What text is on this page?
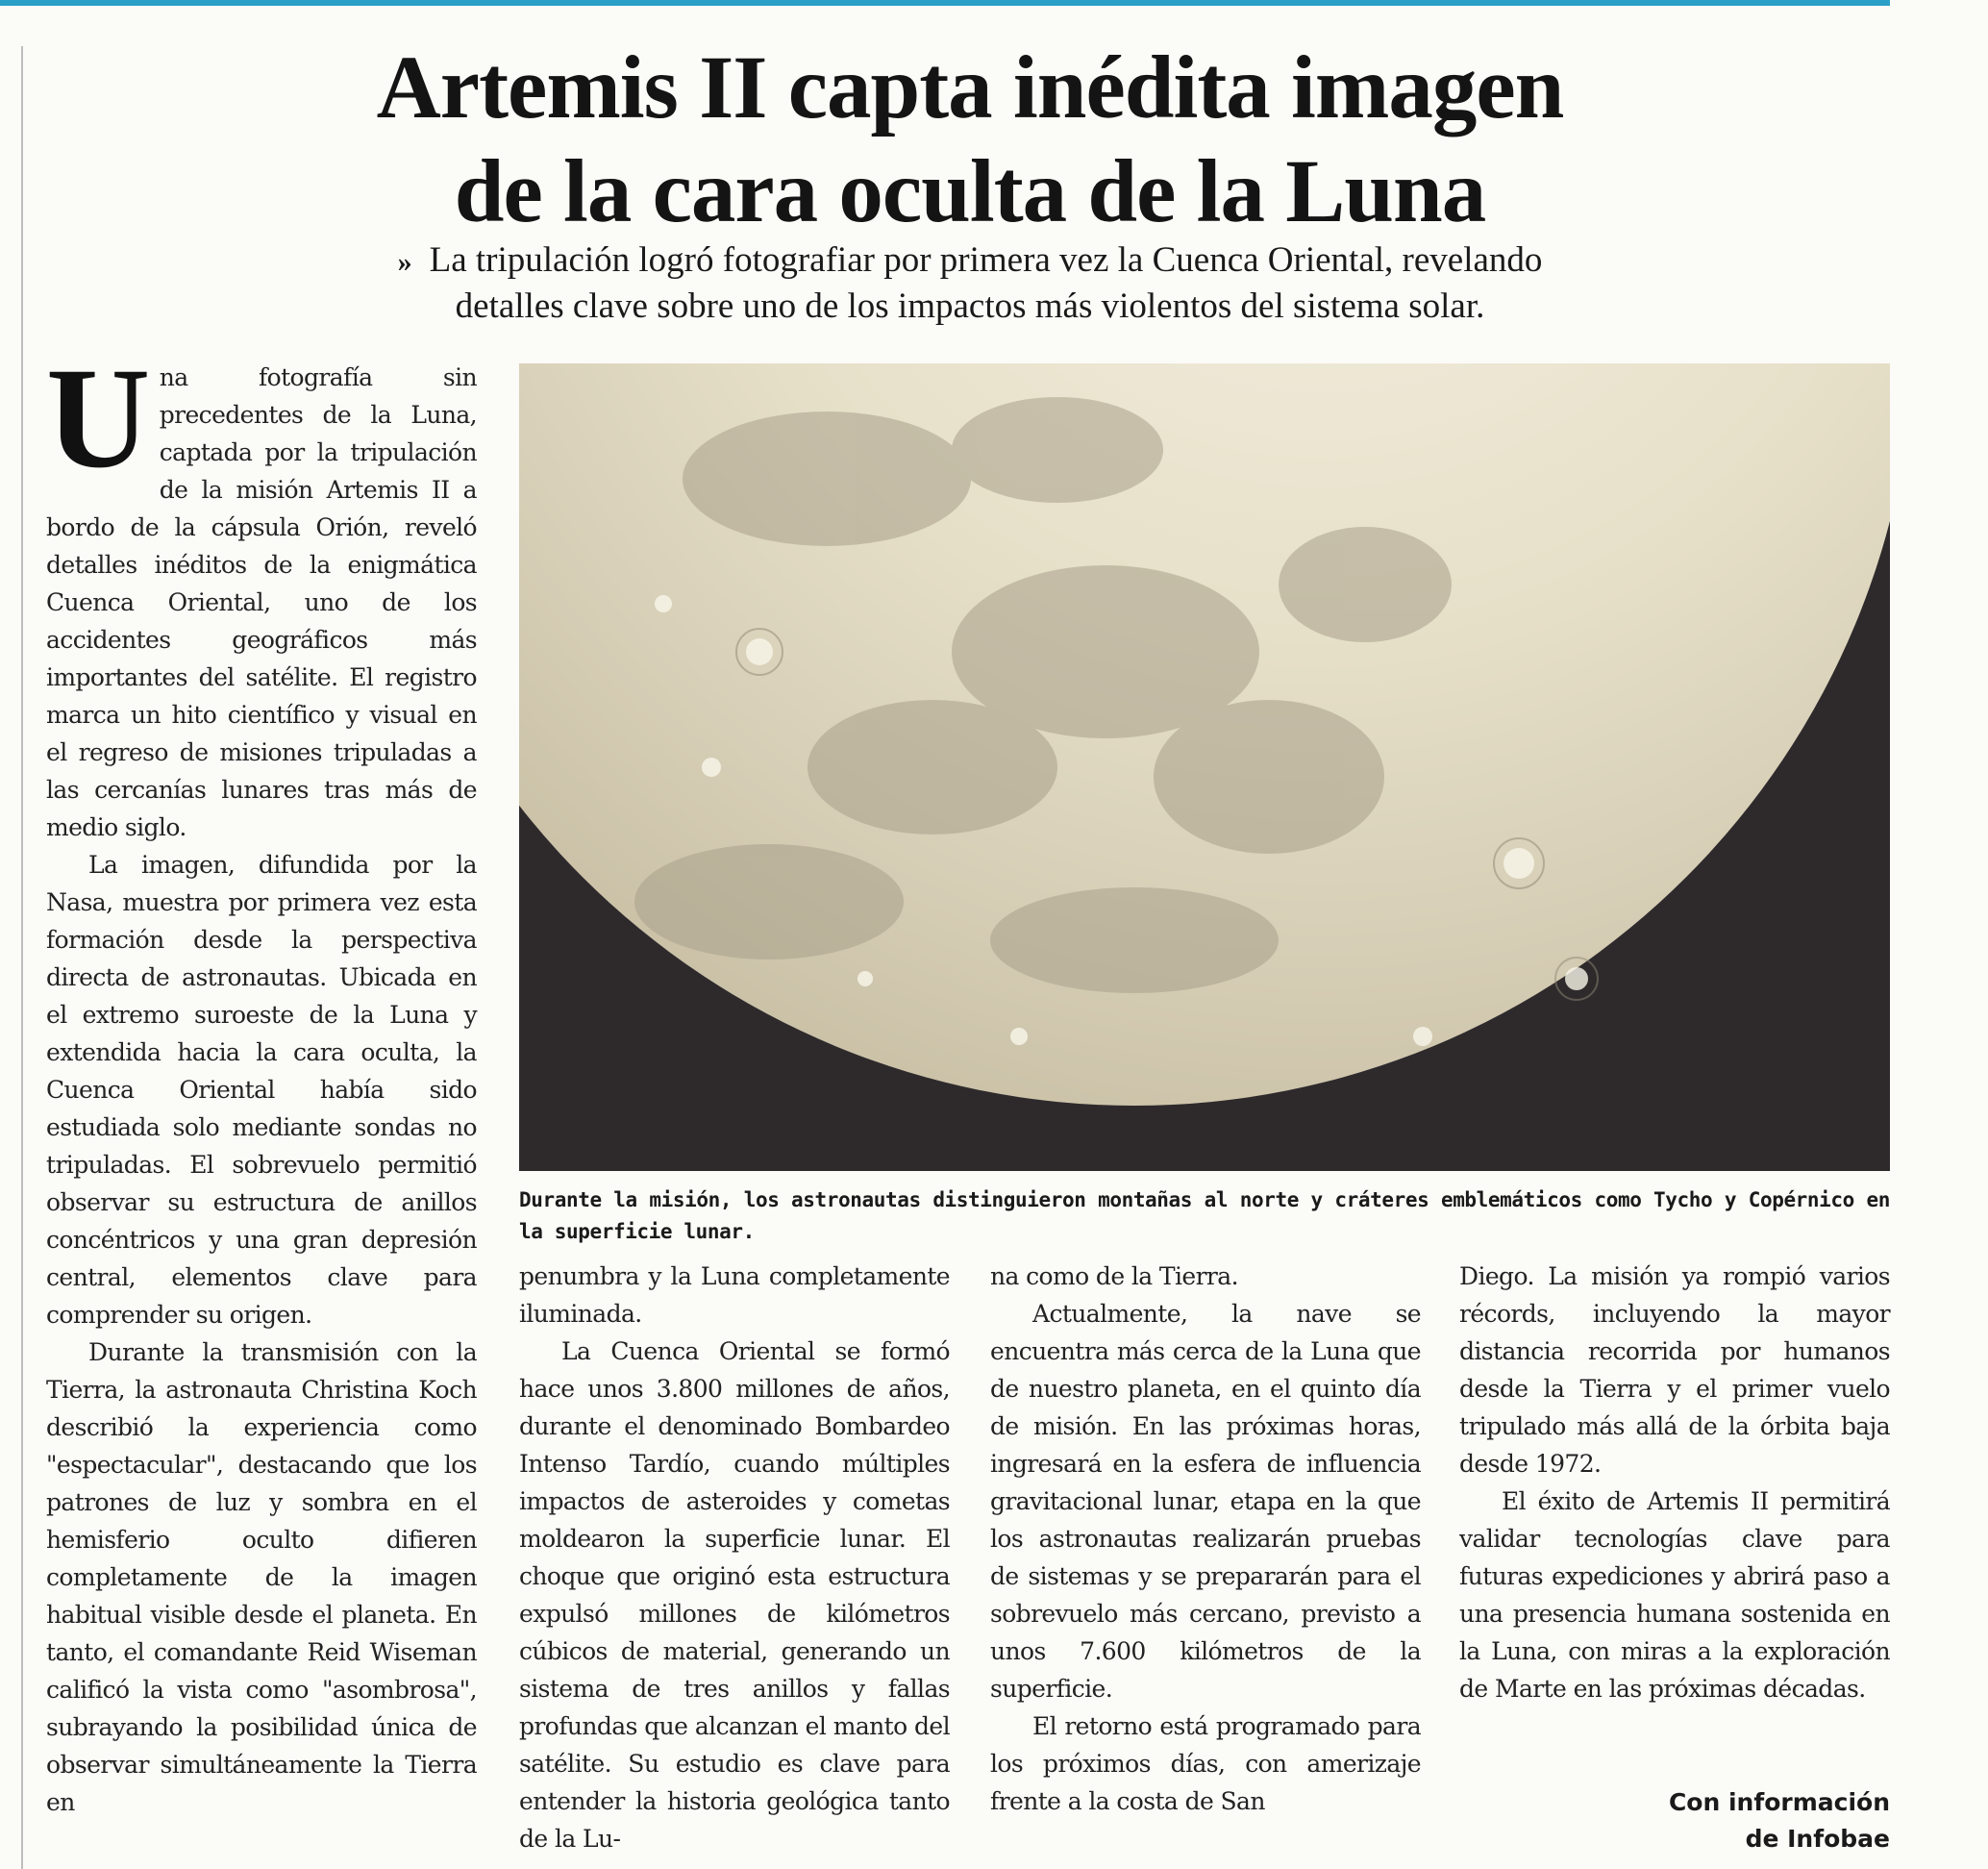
Artemis II capta inédita imagen
de la cara oculta de la Luna
» La tripulación logró fotografiar por primera vez la Cuenca Oriental, revelando
detalles clave sobre uno de los impactos más violentos del sistema solar.

Una fotografía sin precedentes de la Luna, captada por la tripulación de la misión Artemis II a bordo de la cápsula Orión, reveló detalles inéditos de la enigmática Cuenca Oriental, uno de los accidentes geográficos más importantes del satélite. El registro marca un hito científico y visual en el regreso de misiones tripuladas a las cercanías lunares tras más de medio siglo.

La imagen, difundida por la Nasa, muestra por primera vez esta formación desde la perspectiva directa de astronautas. Ubicada en el extremo suroeste de la Luna y extendida hacia la cara oculta, la Cuenca Oriental había sido estudiada solo mediante sondas no tripuladas. El sobrevuelo permitió observar su estructura de anillos concéntricos y una gran depresión central, elementos clave para comprender su origen.

Durante la transmisión con la Tierra, la astronauta Christina Koch describió la experiencia como "espectacular", destacando que los patrones de luz y sombra en el hemisferio oculto difieren completamente de la imagen habitual visible desde el planeta. En tanto, el comandante Reid Wiseman calificó la vista como "asombrosa", subrayando la posibilidad única de observar simultáneamente la Tierra en

Durante la misión, los astronautas distinguieron montañas al norte y cráteres emblemáticos como Tycho y Copérnico en la superficie lunar.

penumbra y la Luna completamente iluminada.

La Cuenca Oriental se formó hace unos 3.800 millones de años, durante el denominado Bombardeo Intenso Tardío, cuando múltiples impactos de asteroides y cometas moldearon la superficie lunar. El choque que originó esta estructura expulsó millones de kilómetros cúbicos de material, generando un sistema de tres anillos y fallas profundas que alcanzan el manto del satélite. Su estudio es clave para entender la historia geológica tanto de la Lu-

na como de la Tierra.

Actualmente, la nave se encuentra más cerca de la Luna que de nuestro planeta, en el quinto día de misión. En las próximas horas, ingresará en la esfera de influencia gravitacional lunar, etapa en la que los astronautas realizarán pruebas de sistemas y se prepararán para el sobrevuelo más cercano, previsto a unos 7.600 kilómetros de la superficie.

El retorno está programado para los próximos días, con amerizaje frente a la costa de San

Diego. La misión ya rompió varios récords, incluyendo la mayor distancia recorrida por humanos desde la Tierra y el primer vuelo tripulado más allá de la órbita baja desde 1972.

El éxito de Artemis II permitirá validar tecnologías clave para futuras expediciones y abrirá paso a una presencia humana sostenida en la Luna, con miras a la exploración de Marte en las próximas décadas.

Con información
de Infobae
